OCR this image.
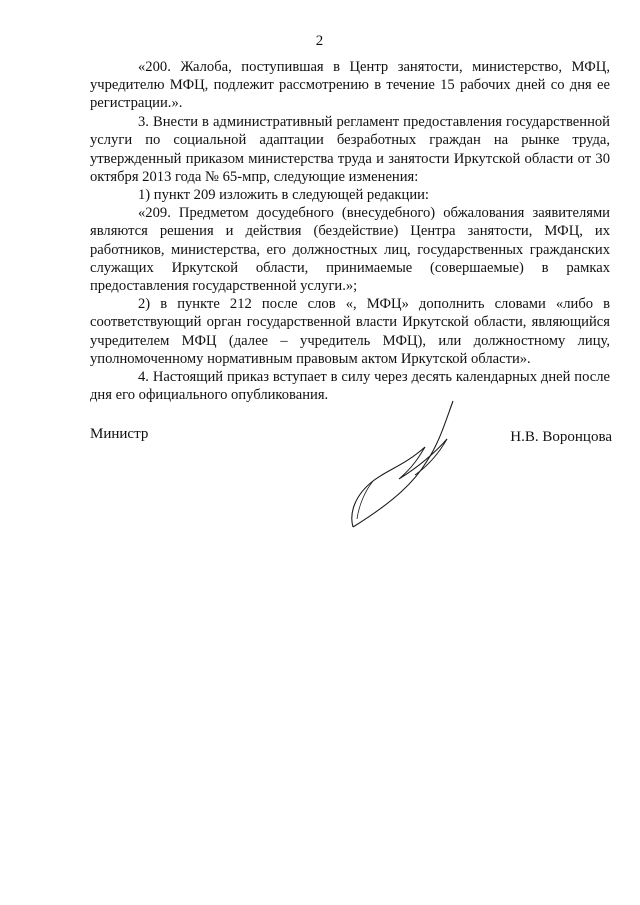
2

«200. Жалоба, поступившая в Центр занятости, министерство, МФЦ, учредителю МФЦ, подлежит рассмотрению в течение 15 рабочих дней со дня ее регистрации.».

3. Внести в административный регламент предоставления государственной услуги по социальной адаптации безработных граждан на рынке труда, утвержденный приказом министерства труда и занятости Иркутской области от 30 октября 2013 года № 65-мпр, следующие изменения:

1) пункт 209 изложить в следующей редакции:

«209. Предметом досудебного (внесудебного) обжалования заявителями являются решения и действия (бездействие) Центра занятости, МФЦ, их работников, министерства, его должностных лиц, государственных гражданских служащих Иркутской области, принимаемые (совершаемые) в рамках предоставления государственной услуги.»;

2) в пункте 212 после слов «, МФЦ» дополнить словами «либо в соответствующий орган государственной власти Иркутской области, являющийся учредителем МФЦ (далее – учредитель МФЦ), или должностному лицу, уполномоченному нормативным правовым актом Иркутской области».

4. Настоящий приказ вступает в силу через десять календарных дней после дня его официального опубликования.

Министр	Н.В. Воронцова
